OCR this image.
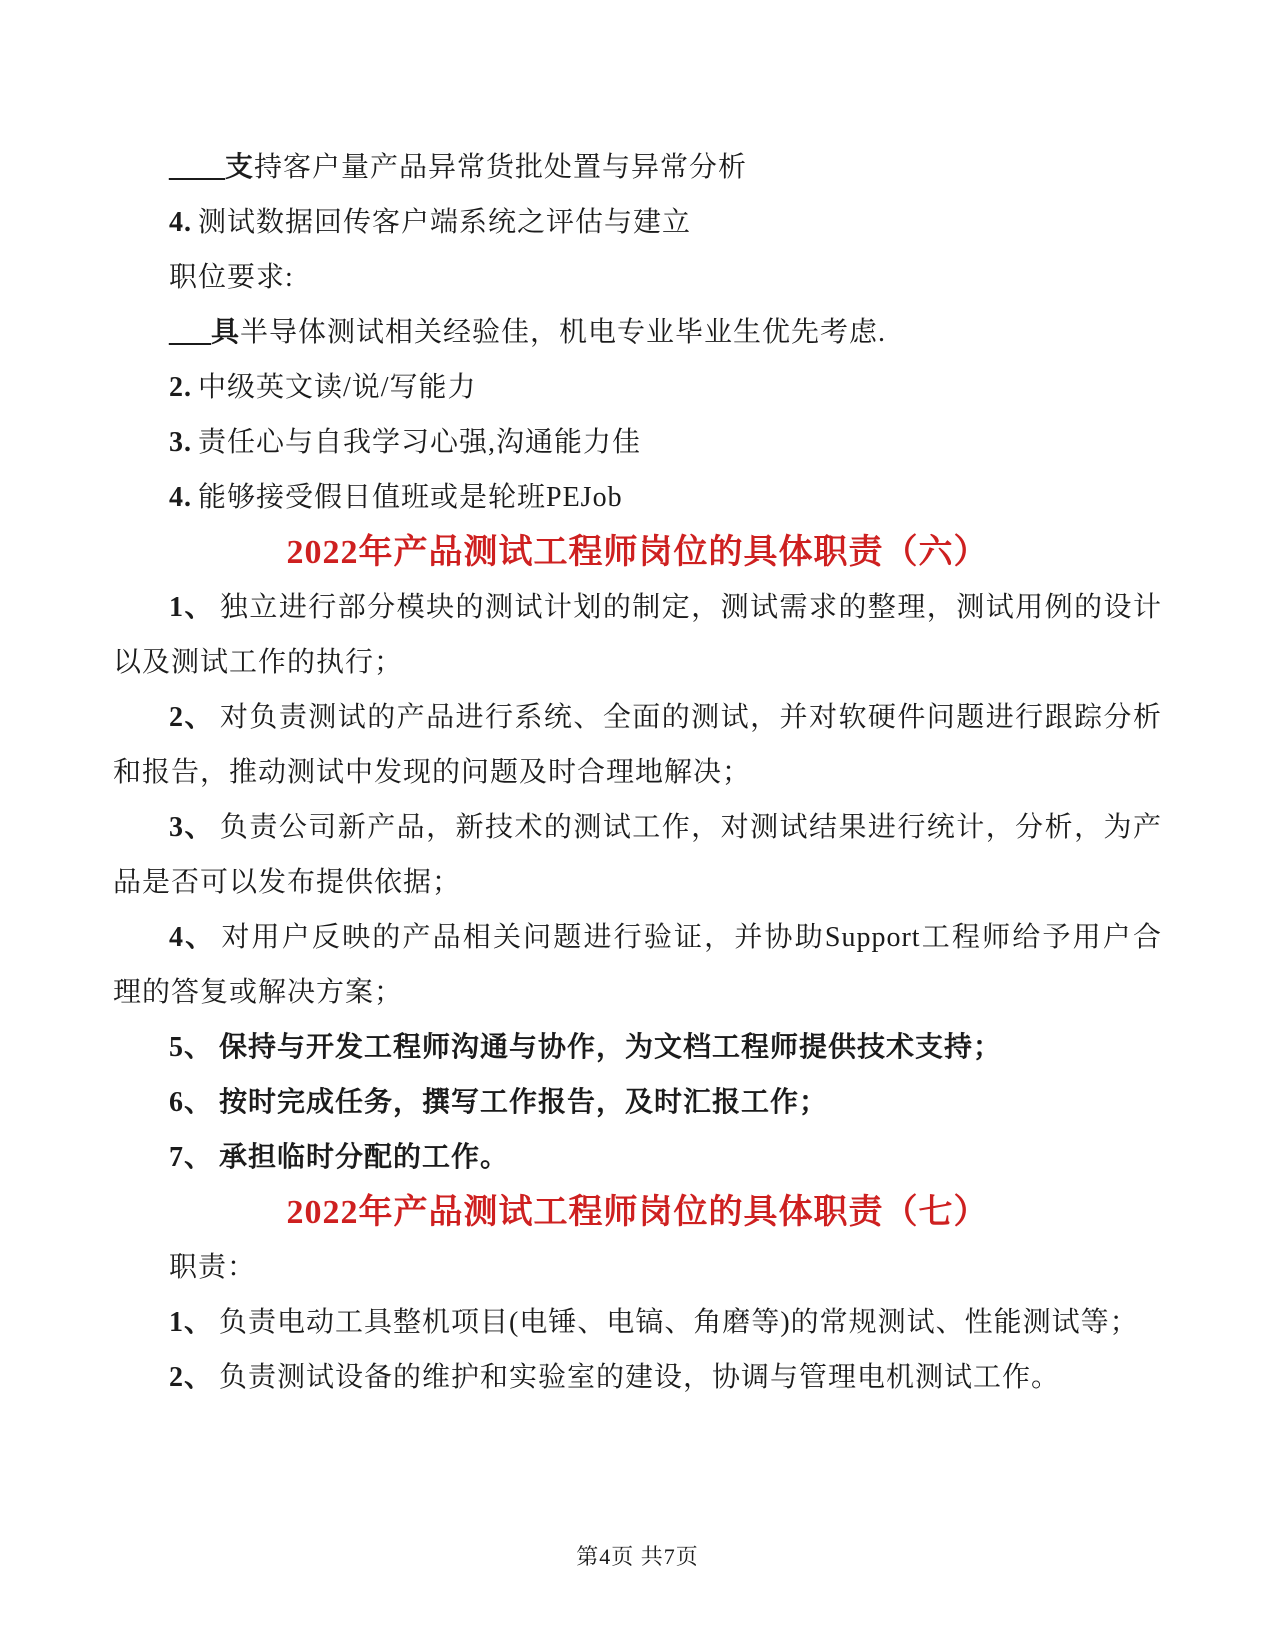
____支持客户量产品异常货批处置与异常分析
4. 测试数据回传客户端系统之评估与建立
职位要求:
___具半导体测试相关经验佳，机电专业毕业生优先考虑.
2. 中级英文读/说/写能力
3. 责任心与自我学习心强,沟通能力佳
4. 能够接受假日值班或是轮班PEJob
2022年产品测试工程师岗位的具体职责（六）
1、 独立进行部分模块的测试计划的制定，测试需求的整理，测试用例的设计
以及测试工作的执行；
2、 对负责测试的产品进行系统、全面的测试，并对软硬件问题进行跟踪分析
和报告，推动测试中发现的问题及时合理地解决；
3、 负责公司新产品，新技术的测试工作，对测试结果进行统计，分析，为产
品是否可以发布提供依据；
4、 对用户反映的产品相关问题进行验证，并协助Support工程师给予用户合
理的答复或解决方案；
5、 保持与开发工程师沟通与协作，为文档工程师提供技术支持；
6、 按时完成任务，撰写工作报告，及时汇报工作；
7、 承担临时分配的工作。
2022年产品测试工程师岗位的具体职责（七）
职责：
1、 负责电动工具整机项目(电锤、电镐、角磨等)的常规测试、性能测试等；
2、 负责测试设备的维护和实验室的建设，协调与管理电机测试工作。
第4页 共7页
